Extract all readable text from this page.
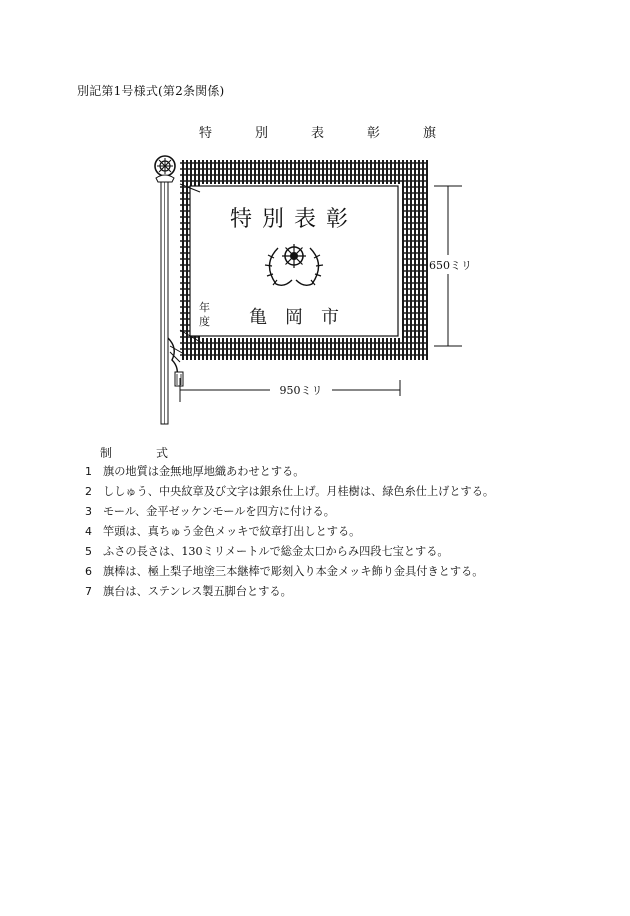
別記第1号様式(第2条関係)
特　別　表　彰　旗
特別表彰
年
度 亀　岡　市
650ミリ
950ミリ
制　式
1 旗の地質は金無地厚地織あわせとする。
2 ししゅう、中央紋章及び文字は銀糸仕上げ。月桂樹は、緑色糸仕上げとする。
3 モール、金平ゼッケンモールを四方に付ける。
4 竿頭は、真ちゅう金色メッキで紋章打出しとする。
5 ふさの長さは、130ミリメートルで総金太口からみ四段七宝とする。
6 旗棒は、極上梨子地塗三本継棒で彫刻入り本金メッキ飾り金具付きとする。
7 旗台は、ステンレス製五脚台とする。
